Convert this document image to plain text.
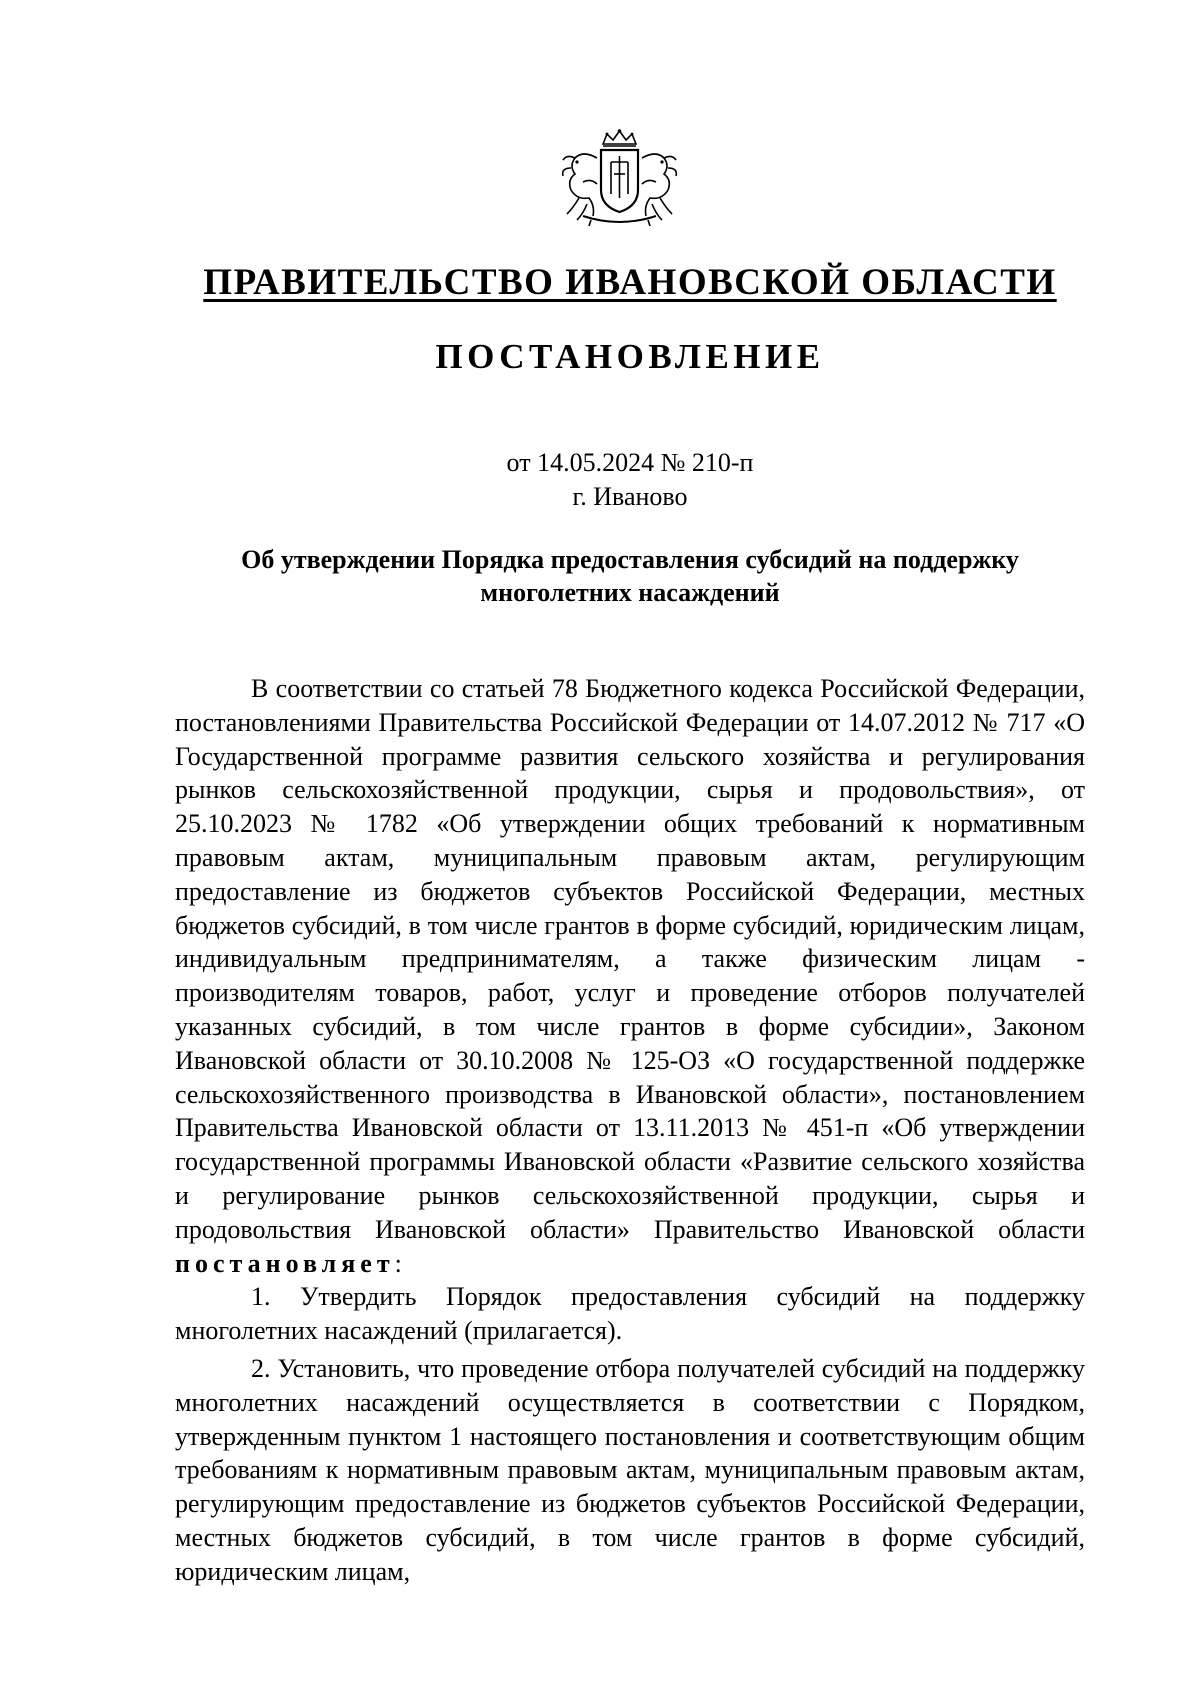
ПРАВИТЕЛЬСТВО ИВАНОВСКОЙ ОБЛАСТИ
ПОСТАНОВЛЕНИЕ
от 14.05.2024 № 210-п
г. Иваново
Об утверждении Порядка предоставления субсидий на поддержку
многолетних насаждений

В соответствии со статьей 78 Бюджетного кодекса Российской Федерации, постановлениями Правительства Российской Федерации от 14.07.2012 № 717 «О Государственной программе развития сельского хозяйства и регулирования рынков сельскохозяйственной продукции, сырья и продовольствия», от 25.10.2023 № 1782 «Об утверждении общих требований к нормативным правовым актам, муниципальным правовым актам, регулирующим предоставление из бюджетов субъектов Российской Федерации, местных бюджетов субсидий, в том числе грантов в форме субсидий, юридическим лицам, индивидуальным предпринимателям, а также физическим лицам - производителям товаров, работ, услуг и проведение отборов получателей указанных субсидий, в том числе грантов в форме субсидии», Законом Ивановской области от 30.10.2008 № 125-ОЗ «О государственной поддержке сельскохозяйственного производства в Ивановской области», постановлением Правительства Ивановской области от 13.11.2013 № 451-п «Об утверждении государственной программы Ивановской области «Развитие сельского хозяйства и регулирование рынков сельскохозяйственной продукции, сырья и продовольствия Ивановской области» Правительство Ивановской области постановляет:

1. Утвердить Порядок предоставления субсидий на поддержку многолетних насаждений (прилагается).

2. Установить, что проведение отбора получателей субсидий на поддержку многолетних насаждений осуществляется в соответствии с Порядком, утвержденным пунктом 1 настоящего постановления и соответствующим общим требованиям к нормативным правовым актам, муниципальным правовым актам, регулирующим предоставление из бюджетов субъектов Российской Федерации, местных бюджетов субсидий, в том числе грантов в форме субсидий, юридическим лицам,
